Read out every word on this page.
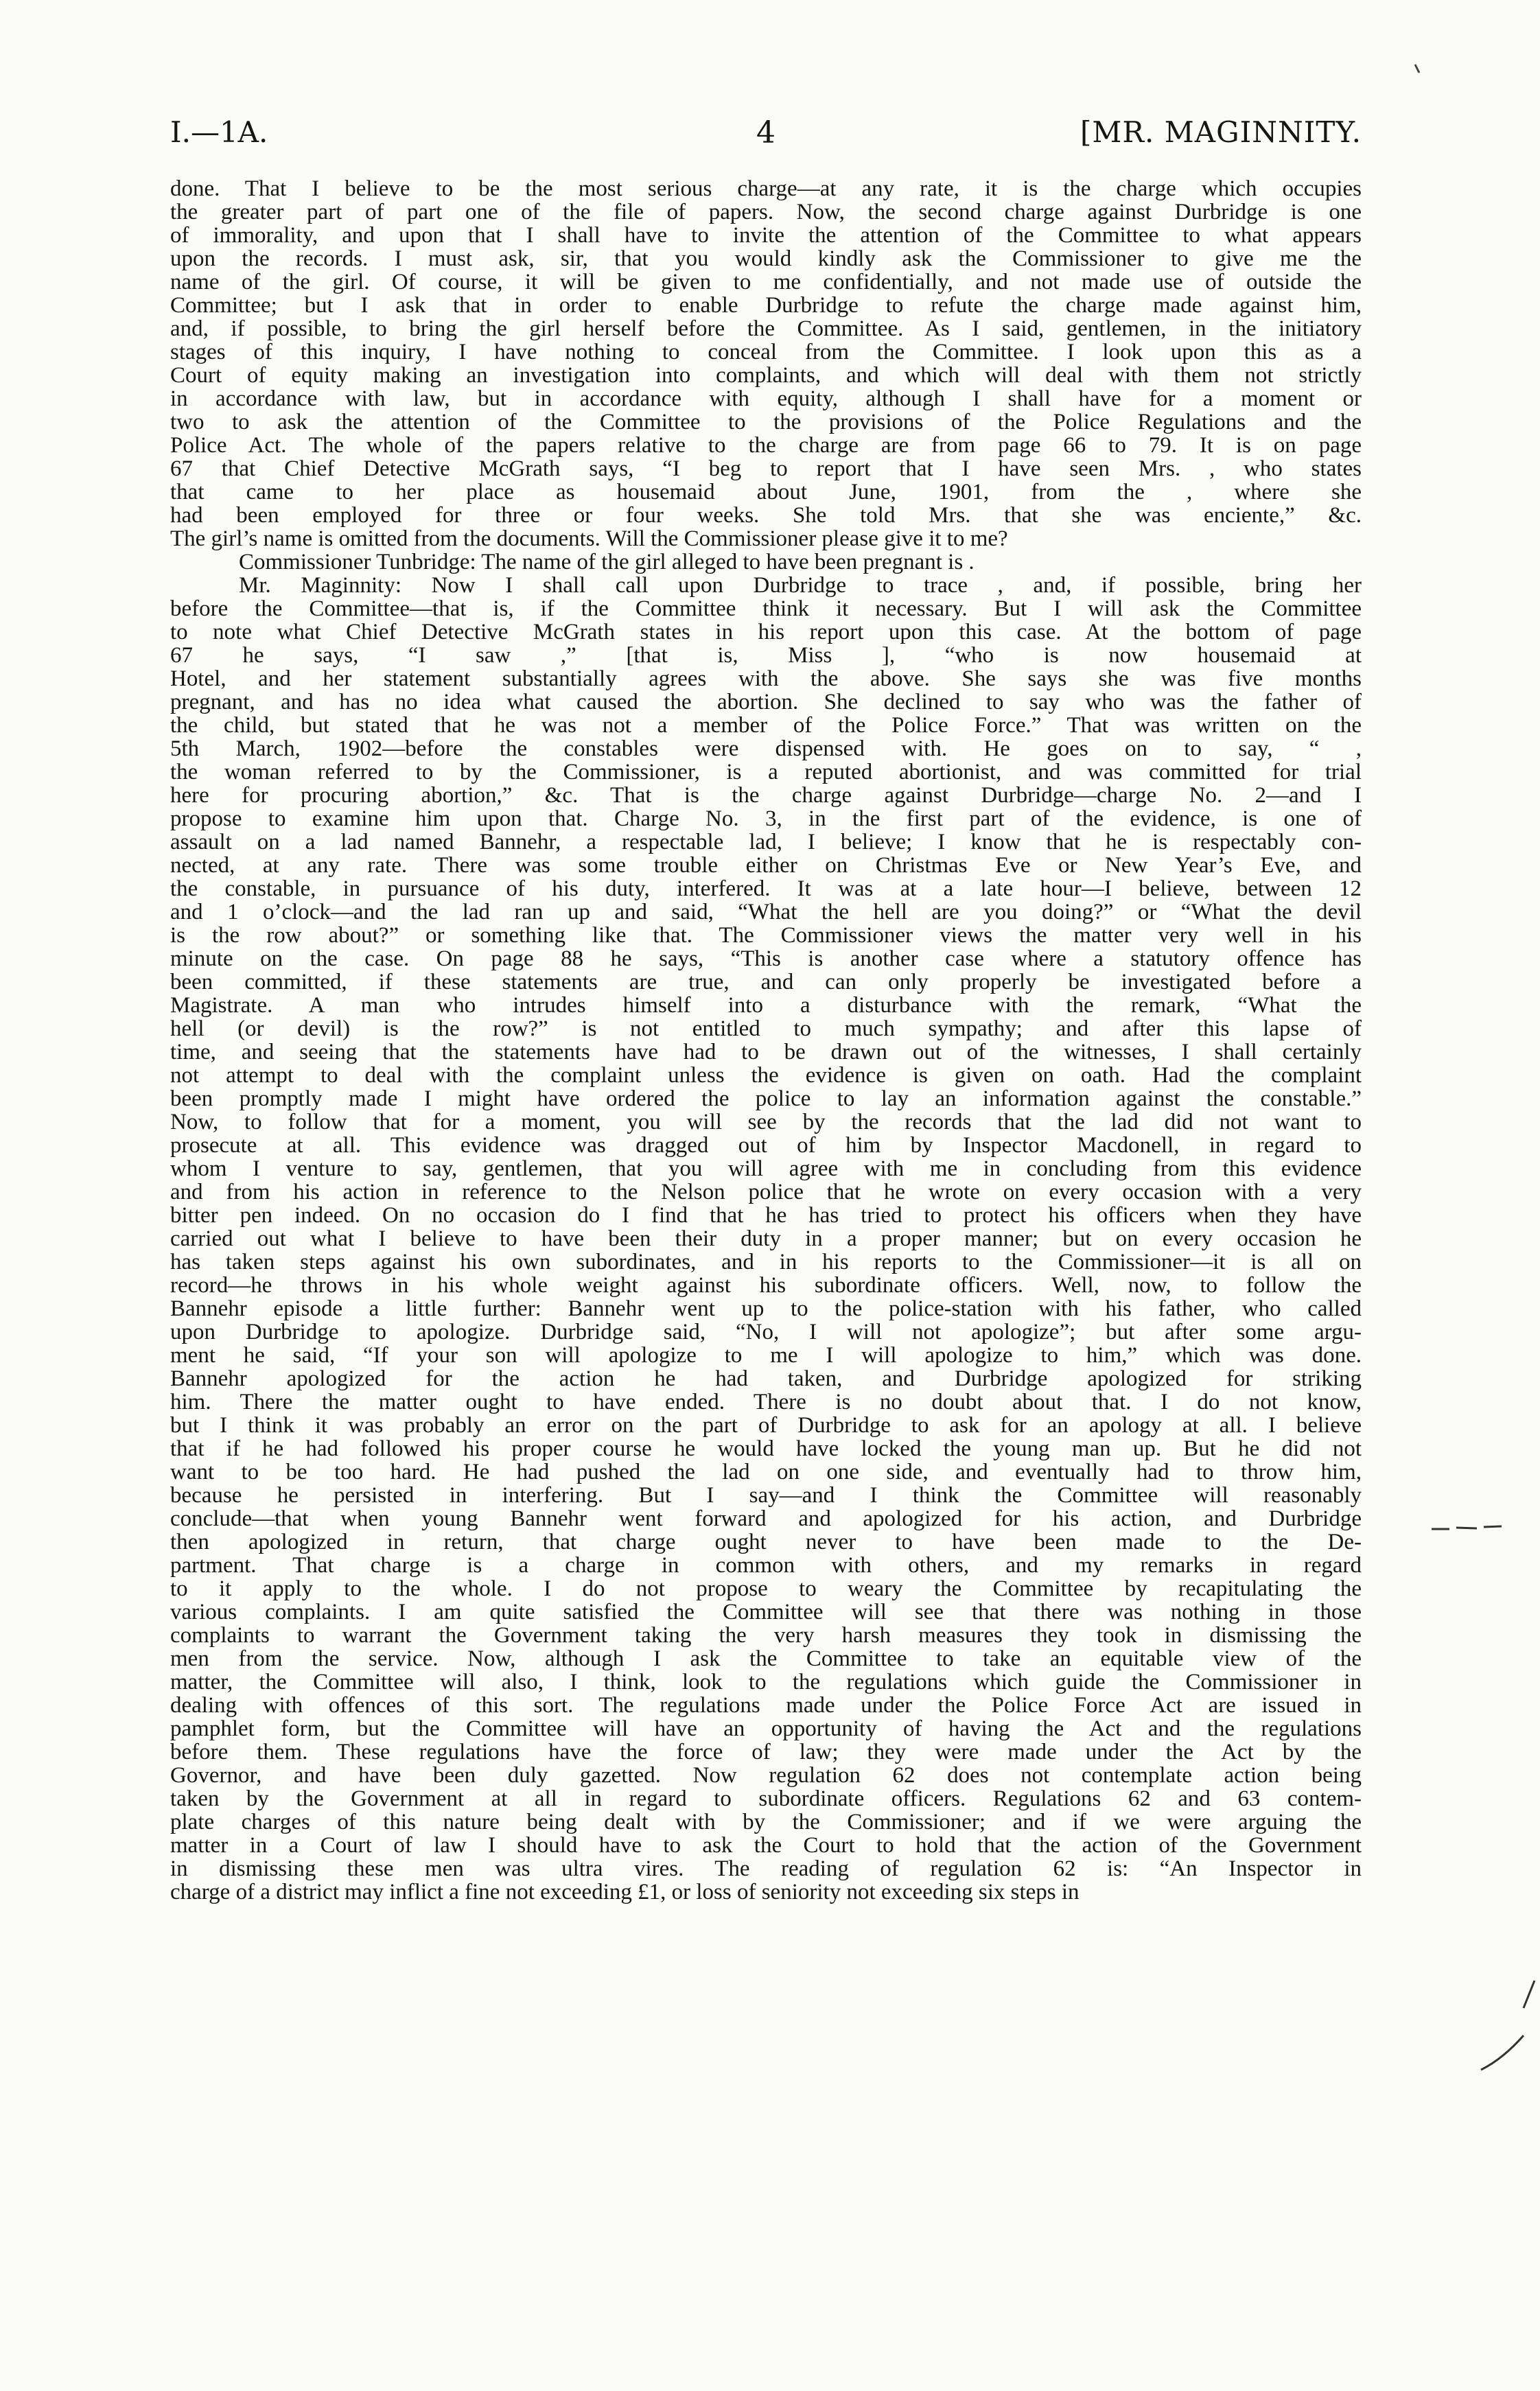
4
I.—1A.	[MR. MAGINNITY.
done. That I believe to be the most serious charge—at any rate, it is the charge which occupies
the greater part of part one of the file of papers. Now, the second charge against Durbridge is one
of immorality, and upon that I shall have to invite the attention of the Committee to what appears
upon the records. I must ask, sir, that you would kindly ask the Commissioner to give me the
name of the girl. Of course, it will be given to me confidentially, and not made use of outside the
Committee; but I ask that in order to enable Durbridge to refute the charge made against him,
and, if possible, to bring the girl herself before the Committee. As I said, gentlemen, in the initiatory
stages of this inquiry, I have nothing to conceal from the Committee. I look upon this as a
Court of equity making an investigation into complaints, and which will deal with them not strictly
in accordance with law, but in accordance with equity, although I shall have for a moment or
two to ask the attention of the Committee to the provisions of the Police Regulations and the
Police Act. The whole of the papers relative to the charge are from page 66 to 79. It is on page
67 that Chief Detective McGrath says, “I beg to report that I have seen Mrs. , who states
that came to her place as housemaid about June, 1901, from the , where she
had been employed for three or four weeks. She told Mrs. that she was enciente,” &c.
The girl’s name is omitted from the documents. Will the Commissioner please give it to me?
Commissioner Tunbridge: The name of the girl alleged to have been pregnant is .
Mr. Maginnity: Now I shall call upon Durbridge to trace , and, if possible, bring her
before the Committee—that is, if the Committee think it necessary. But I will ask the Committee
to note what Chief Detective McGrath states in his report upon this case. At the bottom of page
67 he says, “I saw ,” [that is, Miss ], “who is now housemaid at
Hotel, and her statement substantially agrees with the above. She says she was five months
pregnant, and has no idea what caused the abortion. She declined to say who was the father of
the child, but stated that he was not a member of the Police Force.” That was written on the
5th March, 1902—before the constables were dispensed with. He goes on to say, “ ,
the woman referred to by the Commissioner, is a reputed abortionist, and was committed for trial
here for procuring abortion,” &c. That is the charge against Durbridge—charge No. 2—and I
propose to examine him upon that. Charge No. 3, in the first part of the evidence, is one of
assault on a lad named Bannehr, a respectable lad, I believe; I know that he is respectably con-
nected, at any rate. There was some trouble either on Christmas Eve or New Year’s Eve, and
the constable, in pursuance of his duty, interfered. It was at a late hour—I believe, between 12
and 1 o’clock—and the lad ran up and said, “What the hell are you doing?” or “What the devil
is the row about?” or something like that. The Commissioner views the matter very well in his
minute on the case. On page 88 he says, “This is another case where a statutory offence has
been committed, if these statements are true, and can only properly be investigated before a
Magistrate. A man who intrudes himself into a disturbance with the remark, “What the
hell (or devil) is the row?” is not entitled to much sympathy; and after this lapse of
time, and seeing that the statements have had to be drawn out of the witnesses, I shall certainly
not attempt to deal with the complaint unless the evidence is given on oath. Had the complaint
been promptly made I might have ordered the police to lay an information against the constable.”
Now, to follow that for a moment, you will see by the records that the lad did not want to
prosecute at all. This evidence was dragged out of him by Inspector Macdonell, in regard to
whom I venture to say, gentlemen, that you will agree with me in concluding from this evidence
and from his action in reference to the Nelson police that he wrote on every occasion with a very
bitter pen indeed. On no occasion do I find that he has tried to protect his officers when they have
carried out what I believe to have been their duty in a proper manner; but on every occasion he
has taken steps against his own subordinates, and in his reports to the Commissioner—it is all on
record—he throws in his whole weight against his subordinate officers. Well, now, to follow the
Bannehr episode a little further: Bannehr went up to the police-station with his father, who called
upon Durbridge to apologize. Durbridge said, “No, I will not apologize”; but after some argu-
ment he said, “If your son will apologize to me I will apologize to him,” which was done.
Bannehr apologized for the action he had taken, and Durbridge apologized for striking
him. There the matter ought to have ended. There is no doubt about that. I do not know,
but I think it was probably an error on the part of Durbridge to ask for an apology at all. I believe
that if he had followed his proper course he would have locked the young man up. But he did not
want to be too hard. He had pushed the lad on one side, and eventually had to throw him,
because he persisted in interfering. But I say—and I think the Committee will reasonably
conclude—that when young Bannehr went forward and apologized for his action, and Durbridge
then apologized in return, that charge ought never to have been made to the De-
partment. That charge is a charge in common with others, and my remarks in regard
to it apply to the whole. I do not propose to weary the Committee by recapitulating the
various complaints. I am quite satisfied the Committee will see that there was nothing in those
complaints to warrant the Government taking the very harsh measures they took in dismissing the
men from the service. Now, although I ask the Committee to take an equitable view of the
matter, the Committee will also, I think, look to the regulations which guide the Commissioner in
dealing with offences of this sort. The regulations made under the Police Force Act are issued in
pamphlet form, but the Committee will have an opportunity of having the Act and the regulations
before them. These regulations have the force of law; they were made under the Act by the
Governor, and have been duly gazetted. Now regulation 62 does not contemplate action being
taken by the Government at all in regard to subordinate officers. Regulations 62 and 63 contem-
plate charges of this nature being dealt with by the Commissioner; and if we were arguing the
matter in a Court of law I should have to ask the Court to hold that the action of the Government
in dismissing these men was ultra vires. The reading of regulation 62 is: “An Inspector in
charge of a district may inflict a fine not exceeding £1, or loss of seniority not exceeding six steps in
